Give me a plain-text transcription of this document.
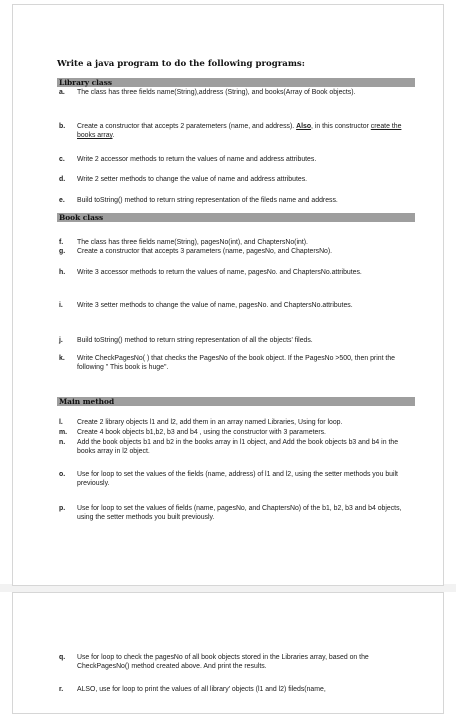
Write a java program to do the following programs:
Library class
a. The class has three fields name(String),address (String), and books(Array of Book objects).
b. Create a constructor that accepts 2 paratemeters (name, and address). Also, in this constructor create the books array.
c. Write 2 accessor methods to return the values of name and address attributes.
d. Write 2 setter methods to change the value of name and address attributes.
e. Build toString() method to return string representation of the fileds name and address.
Book class
f. The class has three fields name(String), pagesNo(int), and ChaptersNo(int).
g. Create a constructor that accepts 3 parameters (name, pagesNo, and ChaptersNo).
h. Write 3 accessor methods to return the values of name, pagesNo. and ChaptersNo.attributes.
i. Write 3 setter methods to change the value of name, pagesNo. and ChaptersNo.attributes.
j. Build toString() method to return string representation of all the objects' fileds.
k. Write CheckPagesNo( ) that checks the PagesNo of the book object. If the PagesNo >500, then print the following " This book is huge".
Main method
l. Create 2 library objects l1 and l2, add them in an array named Libraries, Using for loop.
m. Create 4 book objects b1,b2, b3 and b4 , using the constructor with 3 parameters.
n. Add the book objects b1 and b2 in the books array in l1 object, and Add the book objects b3 and b4 in the books array in l2 object.
o. Use for loop to set the values of the fields (name, address) of l1 and l2, using the setter methods you built previously.
p. Use for loop to set the values of fields (name, pagesNo, and ChaptersNo) of the b1, b2, b3 and b4 objects, using the setter methods you built previously.
q. Use for loop to check the pagesNo of all book objects stored in the Libraries array, based on the CheckPagesNo() method created above. And print the results.
r. ALSO, use for loop to print the values of all library' objects (l1 and l2) fileds(name,
